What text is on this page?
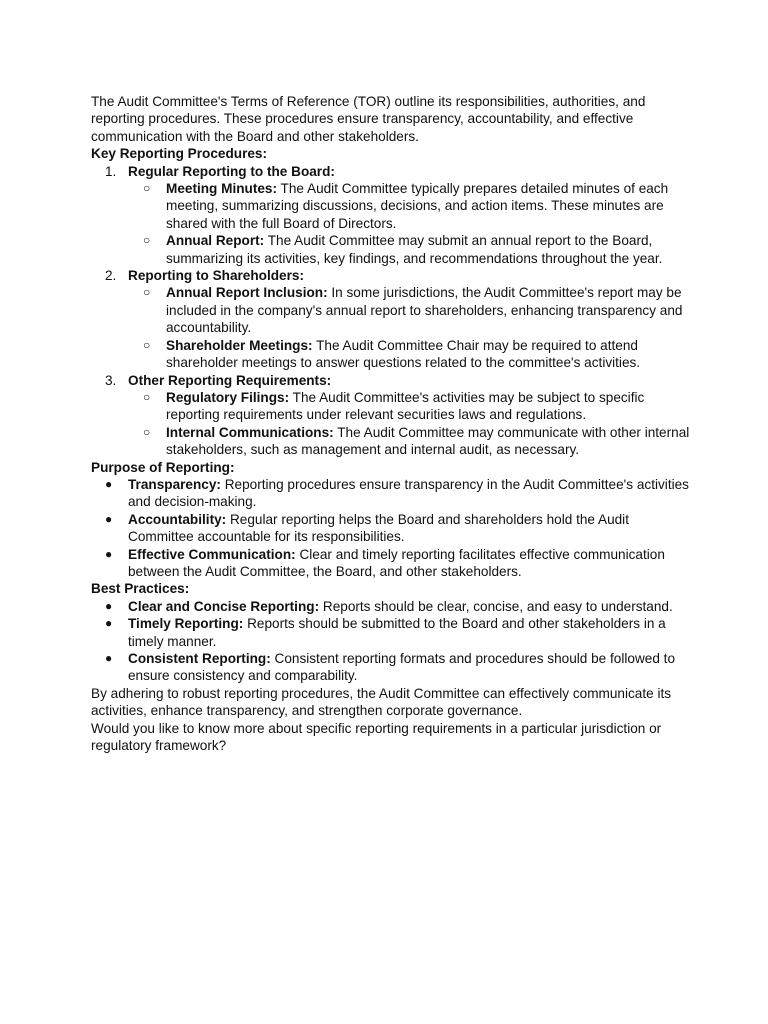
The Audit Committee's Terms of Reference (TOR) outline its responsibilities, authorities, and reporting procedures. These procedures ensure transparency, accountability, and effective communication with the Board and other stakeholders.

Key Reporting Procedures:

1. Regular Reporting to the Board:
○ Meeting Minutes: The Audit Committee typically prepares detailed minutes of each meeting, summarizing discussions, decisions, and action items. These minutes are shared with the full Board of Directors.
○ Annual Report: The Audit Committee may submit an annual report to the Board, summarizing its activities, key findings, and recommendations throughout the year.
2. Reporting to Shareholders:
○ Annual Report Inclusion: In some jurisdictions, the Audit Committee's report may be included in the company's annual report to shareholders, enhancing transparency and accountability.
○ Shareholder Meetings: The Audit Committee Chair may be required to attend shareholder meetings to answer questions related to the committee's activities.
3. Other Reporting Requirements:
○ Regulatory Filings: The Audit Committee's activities may be subject to specific reporting requirements under relevant securities laws and regulations.
○ Internal Communications: The Audit Committee may communicate with other internal stakeholders, such as management and internal audit, as necessary.

Purpose of Reporting:

● Transparency: Reporting procedures ensure transparency in the Audit Committee's activities and decision-making.
● Accountability: Regular reporting helps the Board and shareholders hold the Audit Committee accountable for its responsibilities.
● Effective Communication: Clear and timely reporting facilitates effective communication between the Audit Committee, the Board, and other stakeholders.

Best Practices:

● Clear and Concise Reporting: Reports should be clear, concise, and easy to understand.
● Timely Reporting: Reports should be submitted to the Board and other stakeholders in a timely manner.
● Consistent Reporting: Consistent reporting formats and procedures should be followed to ensure consistency and comparability.

By adhering to robust reporting procedures, the Audit Committee can effectively communicate its activities, enhance transparency, and strengthen corporate governance.

Would you like to know more about specific reporting requirements in a particular jurisdiction or regulatory framework?
